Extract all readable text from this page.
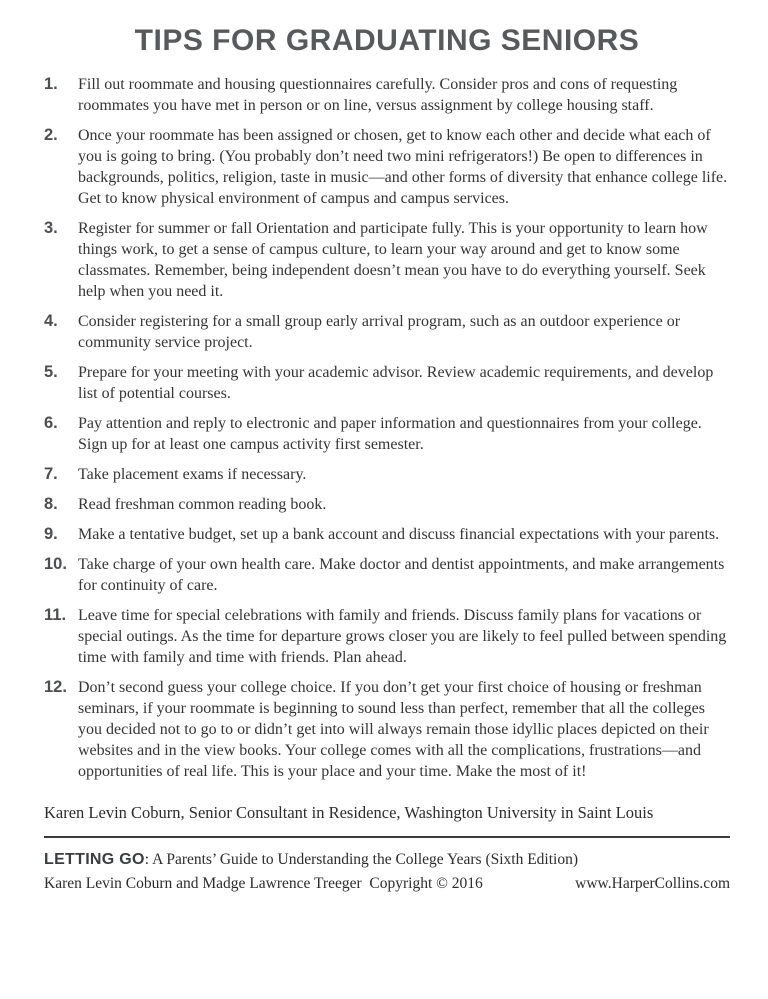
TIPS FOR GRADUATING SENIORS
1.	Fill out roommate and housing questionnaires carefully. Consider pros and cons of requesting roommates you have met in person or on line, versus assignment by college housing staff.
2.	Once your roommate has been assigned or chosen, get to know each other and decide what each of you is going to bring. (You probably don’t need two mini refrigerators!) Be open to differences in backgrounds, politics, religion, taste in music—and other forms of diversity that enhance college life. Get to know physical environment of campus and campus services.
3.	Register for summer or fall Orientation and participate fully. This is your opportunity to learn how things work, to get a sense of campus culture, to learn your way around and get to know some classmates. Remember, being independent doesn’t mean you have to do everything yourself. Seek help when you need it.
4.	Consider registering for a small group early arrival program, such as an outdoor experience or community service project.
5.	Prepare for your meeting with your academic advisor. Review academic requirements, and develop list of potential courses.
6.	Pay attention and reply to electronic and paper information and questionnaires from your college. Sign up for at least one campus activity first semester.
7.	Take placement exams if necessary.
8.	Read freshman common reading book.
9.	Make a tentative budget, set up a bank account and discuss financial expectations with your parents.
10. Take charge of your own health care. Make doctor and dentist appointments, and make arrangements for continuity of care.
11. Leave time for special celebrations with family and friends. Discuss family plans for vacations or special outings. As the time for departure grows closer you are likely to feel pulled between spending time with family and time with friends. Plan ahead.
12. Don’t second guess your college choice. If you don’t get your first choice of housing or freshman seminars, if your roommate is beginning to sound less than perfect, remember that all the colleges you decided not to go to or didn’t get into will always remain those idyllic places depicted on their websites and in the view books. Your college comes with all the complications, frustrations—and opportunities of real life. This is your place and your time. Make the most of it!

Karen Levin Coburn, Senior Consultant in Residence, Washington University in Saint Louis

LETTING GO: A Parents’ Guide to Understanding the College Years (Sixth Edition)

Karen Levin Coburn and Madge Lawrence Treeger  Copyright © 2016	www.HarperCollins.com
